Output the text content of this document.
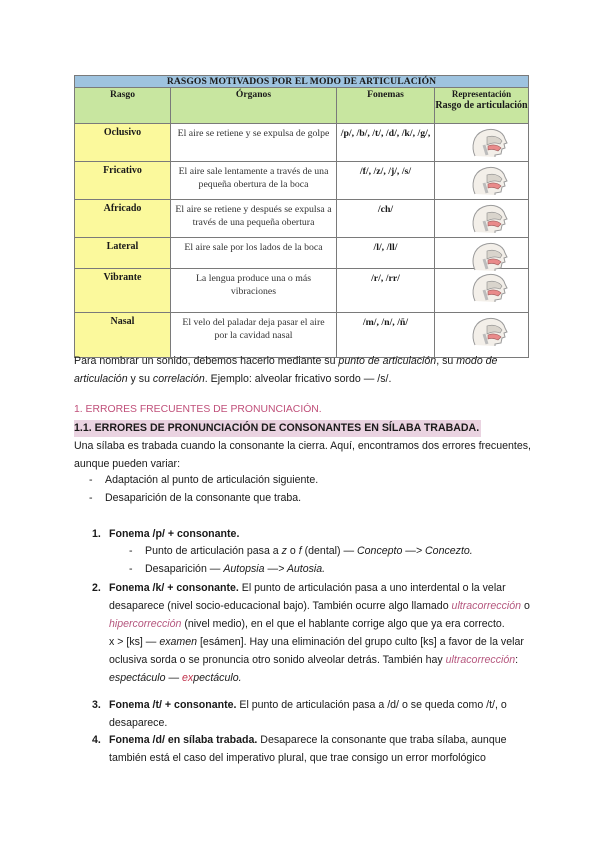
RASGOS MOTIVADOS POR EL MODO DE ARTICULACIÓN			
Rasgo	Órganos	Fonemas	Representación
Rasgo de articulación

Oclusivo	El aire se retiene y se expulsa de golpe	/p/, /b/, /t/, /d/, /k/, /g/,	

Fricativo	El aire sale lentamente a través de una pequeña obertura de la boca	/f/, /z/, /j/, /s/	

Africado	El aire se retiene y después se expulsa a través de una pequeña obertura	/ch/	

Lateral	El aire sale por los lados de la boca	/l/, /ll/	

Vibrante	La lengua produce una o más vibraciones	/r/, /rr/	

Nasal	El velo del paladar deja pasar el aire por la cavidad nasal	/m/, /n/, /ñ/	
Para nombrar un sonido, debemos hacerlo mediante su punto de articulación, su modo de articulación y su correlación. Ejemplo: alveolar fricativo sordo — /s/.
1. ERRORES FRECUENTES DE PRONUNCIACIÓN.
1.1. ERRORES DE PRONUNCIACIÓN DE CONSONANTES EN SÍLABA TRABADA.
Una sílaba es trabada cuando la consonante la cierra. Aquí, encontramos dos errores frecuentes, aunque pueden variar:
- Adaptación al punto de articulación siguiente.
- Desaparición de la consonante que traba.
1. Fonema /p/ + consonante.
- Punto de articulación pasa a z o f (dental) — Concepto —> Concezto.
- Desaparición — Autopsia —> Autosia.
2. Fonema /k/ + consonante. El punto de articulación pasa a uno interdental o la velar desaparece (nivel socio-educacional bajo). También ocurre algo llamado ultracorrección o hipercorrección (nivel medio), en el que el hablante corrige algo que ya era correcto.
x > [ks] — examen [esámen]. Hay una eliminación del grupo culto [ks] a favor de la velar oclusiva sorda o se pronuncia otro sonido alveolar detrás. También hay ultracorrección: espectáculo — expectáculo.
3. Fonema /t/ + consonante. El punto de articulación pasa a /d/ o se queda como /t/, o desaparece.
4. Fonema /d/ en sílaba trabada. Desaparece la consonante que traba sílaba, aunque también está el caso del imperativo plural, que trae consigo un error morfológico
